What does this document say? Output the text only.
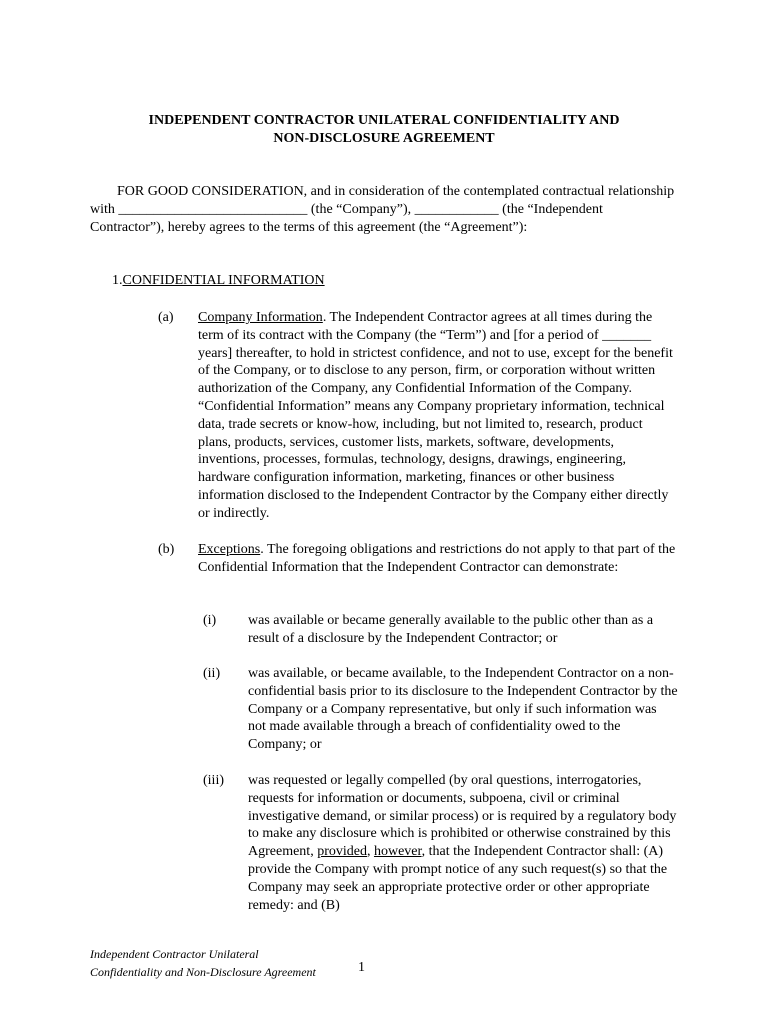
INDEPENDENT CONTRACTOR UNILATERAL CONFIDENTIALITY AND
NON-DISCLOSURE AGREEMENT

FOR GOOD CONSIDERATION, and in consideration of the contemplated contractual relationship with ___________________________ (the “Company”), ____________ (the “Independent Contractor”), hereby agrees to the terms of this agreement (the “Agreement”):

1.CONFIDENTIAL INFORMATION
(a) Company Information. The Independent Contractor agrees at all times during the term of its contract with the Company (the “Term”) and [for a period of _______ years] thereafter, to hold in strictest confidence, and not to use, except for the benefit of the Company, or to disclose to any person, firm, or corporation without written authorization of the Company, any Confidential Information of the Company. “Confidential Information” means any Company proprietary information, technical data, trade secrets or know-how, including, but not limited to, research, product plans, products, services, customer lists, markets, software, developments, inventions, processes, formulas, technology, designs, drawings, engineering, hardware configuration information, marketing, finances or other business information disclosed to the Independent Contractor by the Company either directly or indirectly.

(b) Exceptions. The foregoing obligations and restrictions do not apply to that part of the Confidential Information that the Independent Contractor can demonstrate:

(i) was available or became generally available to the public other than as a result of a disclosure by the Independent Contractor; or

(ii) was available, or became available, to the Independent Contractor on a non-confidential basis prior to its disclosure to the Independent Contractor by the Company or a Company representative, but only if such information was not made available through a breach of confidentiality owed to the Company; or

(iii) was requested or legally compelled (by oral questions, interrogatories, requests for information or documents, subpoena, civil or criminal investigative demand, or similar process) or is required by a regulatory body to make any disclosure which is prohibited or otherwise constrained by this Agreement, provided, however, that the Independent Contractor shall: (A) provide the Company with prompt notice of any such request(s) so that the Company may seek an appropriate protective order or other appropriate remedy: and (B)

Independent Contractor Unilateral
Confidentiality and Non-Disclosure Agreement	1
